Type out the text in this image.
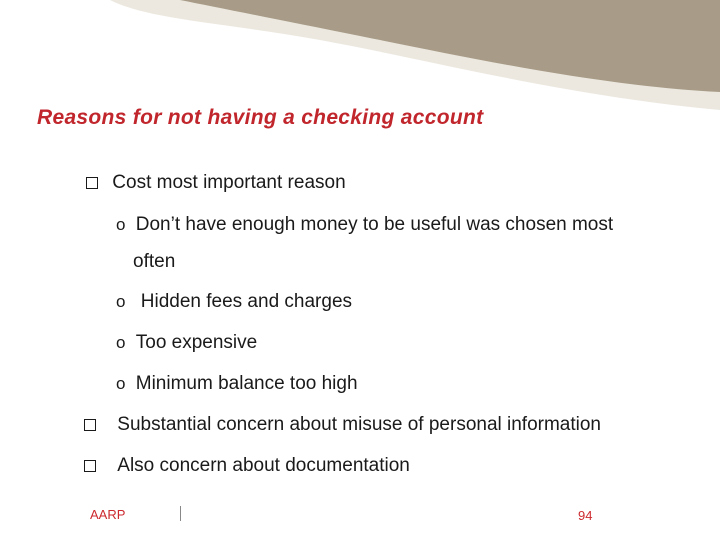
Reasons for not having a checking account
Cost most important reason
o Don’t have enough money to be useful was chosen most
often
o Hidden fees and charges
o Too expensive
o Minimum balance too high
Substantial concern about misuse of personal information
Also concern about documentation
AARP	94
